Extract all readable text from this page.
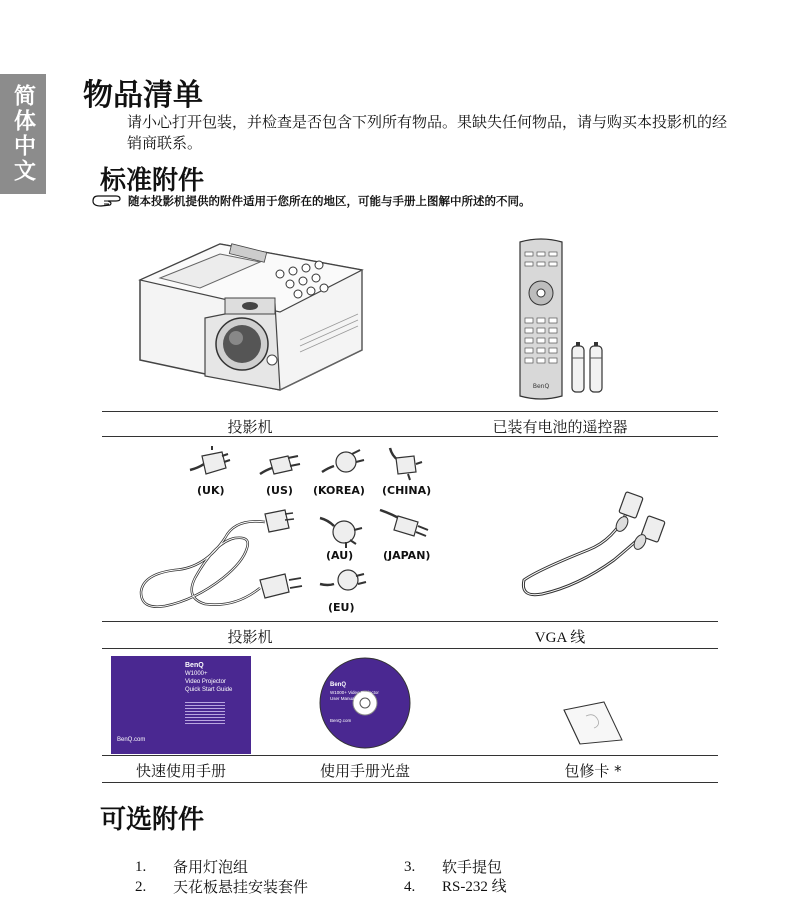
简体中文 物品清单

请小心打开包装，并检查是否包含下列所有物品。果缺失任何物品，请与购买本投影机的经销商联系。

标准附件
随本投影机提供的附件适用于您所在的地区，可能与手册上图解中所述的不同。
BenQ
投影机	已装有电池的遥控器
(UK)	(US) (KOREA) (CHINA)
(AU)	(JAPAN)
(EU)
投影机	VGA 线
BenQ
W1000+
Video Projector
Quick Start Guide
BenQ.com
BenQ
W1000+ Video Projector
User Manual
BenQ.com
快速使用手册	使用手册光盘	包修卡 *
可选附件
1.	备用灯泡组
2.	天花板悬挂安装套件
3.	软手提包
4.	RS-232 线
